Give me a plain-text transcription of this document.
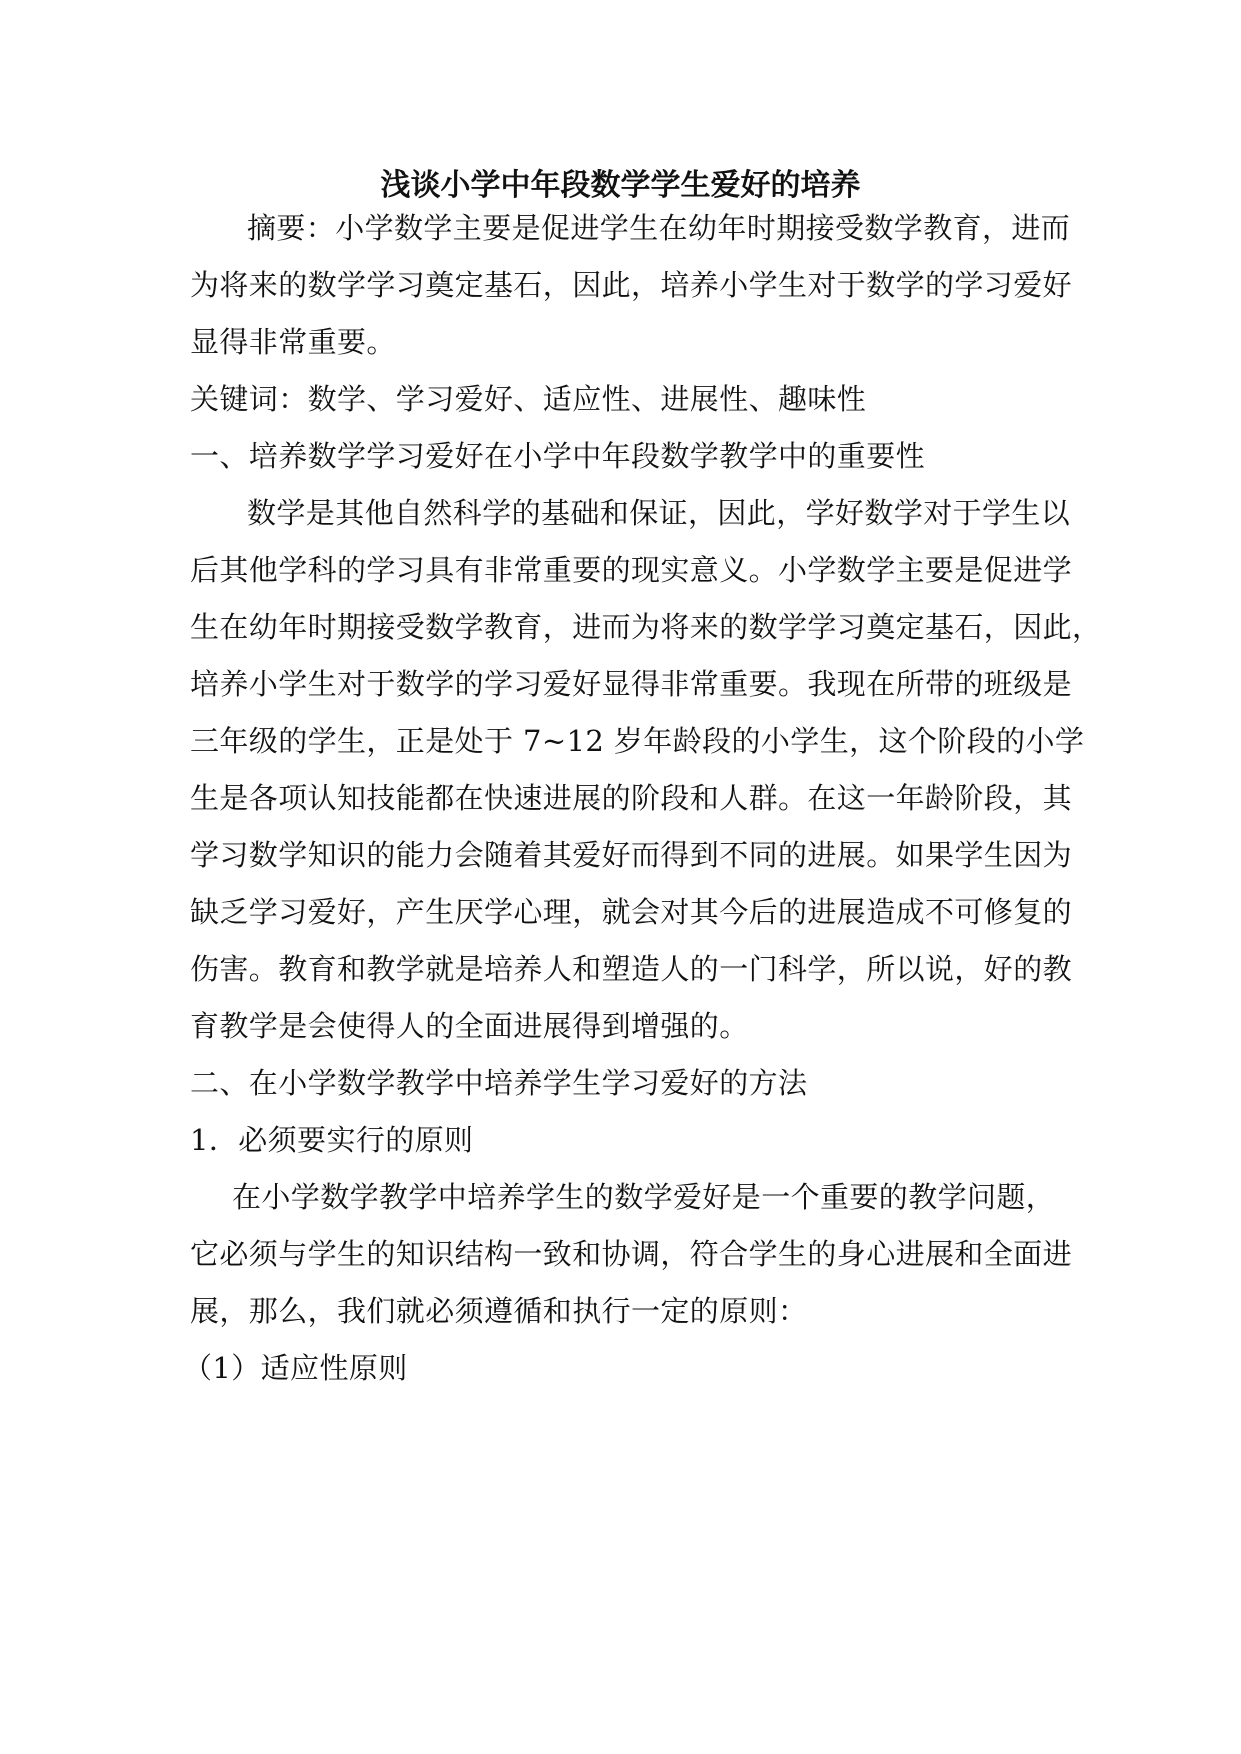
浅谈小学中年段数学学生爱好的培养
摘要：小学数学主要是促进学生在幼年时期接受数学教育，进而
为将来的数学学习奠定基石，因此，培养小学生对于数学的学习爱好
显得非常重要。
关键词：数学、学习爱好、适应性、进展性、趣味性
一、培养数学学习爱好在小学中年段数学教学中的重要性
数学是其他自然科学的基础和保证，因此，学好数学对于学生以
后其他学科的学习具有非常重要的现实意义。小学数学主要是促进学
生在幼年时期接受数学教育，进而为将来的数学学习奠定基石，因此，
培养小学生对于数学的学习爱好显得非常重要。我现在所带的班级是
三年级的学生，正是处于 7~12 岁年龄段的小学生，这个阶段的小学
生是各项认知技能都在快速进展的阶段和人群。在这一年龄阶段，其
学习数学知识的能力会随着其爱好而得到不同的进展。如果学生因为
缺乏学习爱好，产生厌学心理，就会对其今后的进展造成不可修复的
伤害。教育和教学就是培养人和塑造人的一门科学，所以说，好的教
育教学是会使得人的全面进展得到增强的。
二、在小学数学教学中培养学生学习爱好的方法
1．必须要实行的原则
在小学数学教学中培养学生的数学爱好是一个重要的教学问题，
它必须与学生的知识结构一致和协调，符合学生的身心进展和全面进
展，那么，我们就必须遵循和执行一定的原则：
（1）适应性原则
